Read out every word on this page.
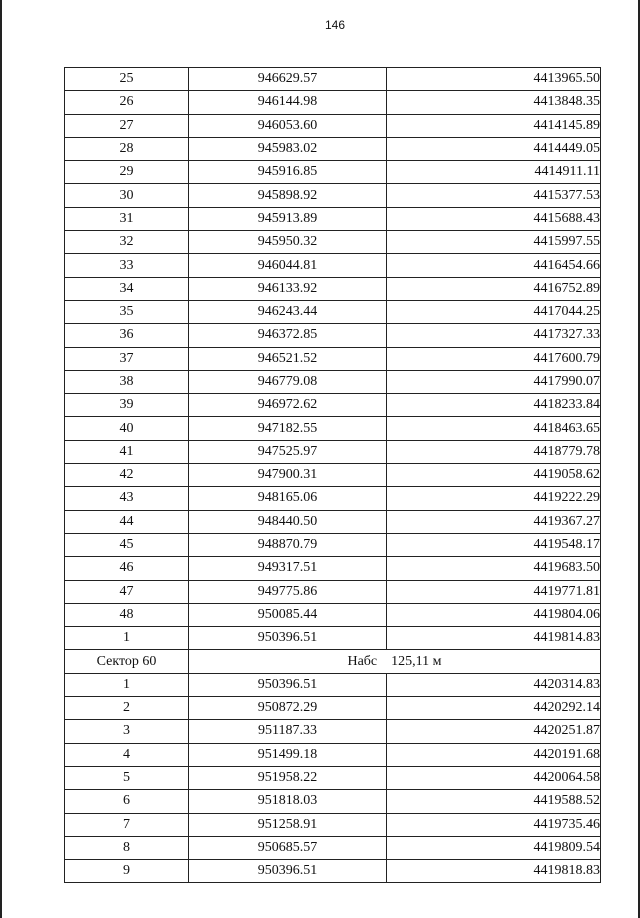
146
25	946629.57	4413965.50
26	946144.98	4413848.35
27	946053.60	4414145.89
28	945983.02	4414449.05
29	945916.85	4414911.11
30	945898.92	4415377.53
31	945913.89	4415688.43
32	945950.32	4415997.55
33	946044.81	4416454.66
34	946133.92	4416752.89
35	946243.44	4417044.25
36	946372.85	4417327.33
37	946521.52	4417600.79
38	946779.08	4417990.07
39	946972.62	4418233.84
40	947182.55	4418463.65
41	947525.97	4418779.78
42	947900.31	4419058.62
43	948165.06	4419222.29
44	948440.50	4419367.27
45	948870.79	4419548.17
46	949317.51	4419683.50
47	949775.86	4419771.81
48	950085.44	4419804.06
1	950396.51	4419814.83
Сектор 60	Набс 125,11 м	
1	950396.51	4420314.83
2	950872.29	4420292.14
3	951187.33	4420251.87
4	951499.18	4420191.68
5	951958.22	4420064.58
6	951818.03	4419588.52
7	951258.91	4419735.46
8	950685.57	4419809.54
9	950396.51	4419818.83
